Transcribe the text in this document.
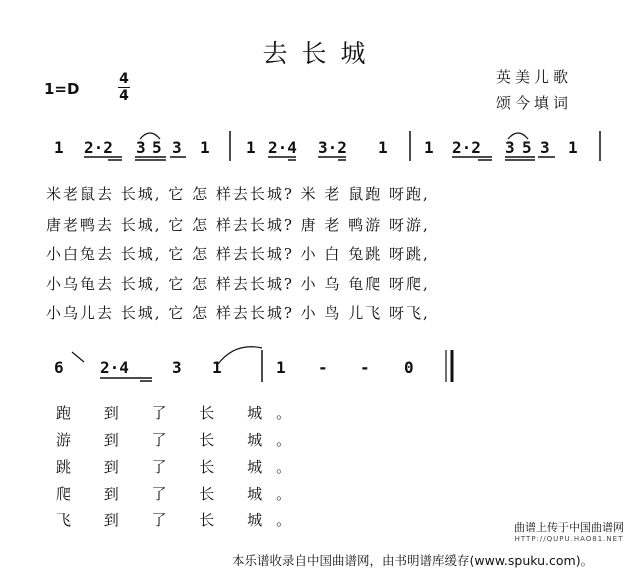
去长城
1=D
4
4
英美儿歌
颂今填词
1 2·2 3 5 3 1 1 2·4 3·2 1 1 2·2 3 5 3 1
米老鼠去 长城, 它 怎 样去长城? 米 老 鼠跑 呀跑,
唐老鸭去 长城, 它 怎 样去长城? 唐 老 鸭游 呀游,
小白兔去 长城, 它 怎 样去长城? 小 白 兔跳 呀跳,
小乌龟去 长城, 它 怎 样去长城? 小 乌 龟爬 呀爬,
小乌儿去 长城, 它 怎 样去长城? 小 鸟 儿飞 呀飞,
6 2·4	3 1	1 - - 0
跑 到 了 长 城。
游 到 了 长 城。
跳 到 了 长 城。
爬 到 了 长 城。
飞 到 了 长 城。	曲谱上传于中国曲谱网
HTTP://QUPU.HAO81.NET
本乐谱收录自中国曲谱网，由书明谱库缓存(www.spuku.com)。
